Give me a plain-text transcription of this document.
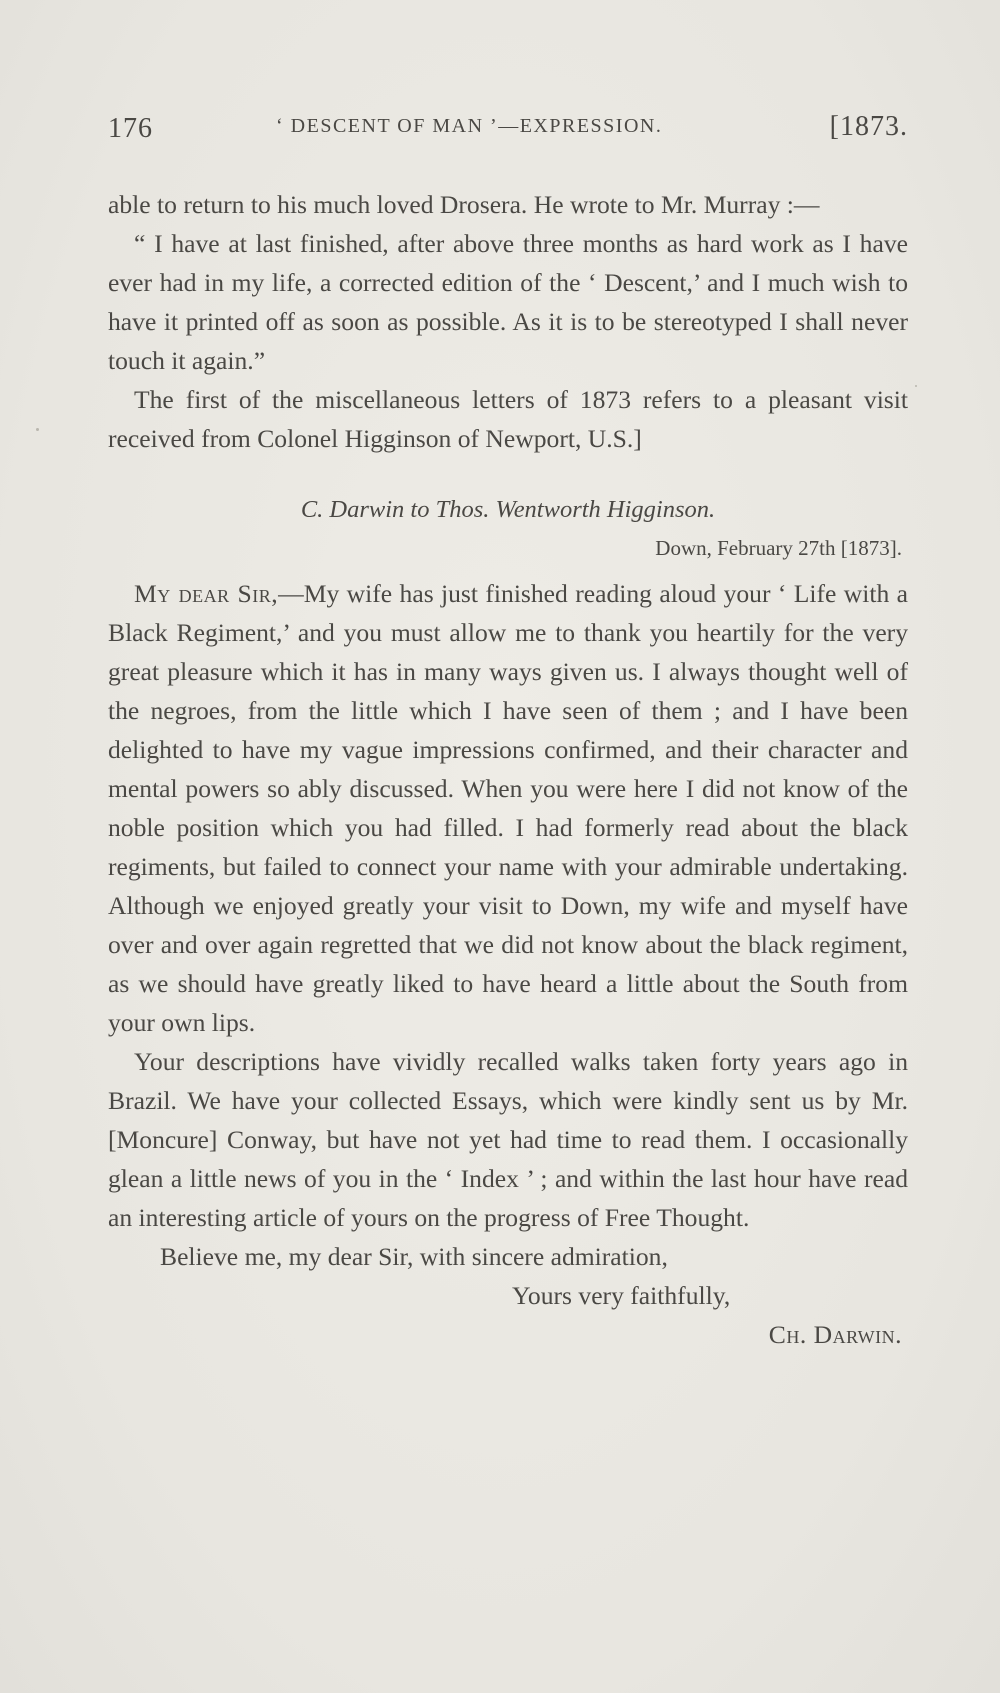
176	‘ DESCENT OF MAN ’—EXPRESSION.	[1873.

able to return to his much loved Drosera. He wrote to Mr. Murray :—

“ I have at last finished, after above three months as hard work as I have ever had in my life, a corrected edition of the ‘ Descent,’ and I much wish to have it printed off as soon as possible. As it is to be stereotyped I shall never touch it again.”

The first of the miscellaneous letters of 1873 refers to a pleasant visit received from Colonel Higginson of Newport, U.S.]

C. Darwin to Thos. Wentworth Higginson.
Down, February 27th [1873].

My dear Sir,—My wife has just finished reading aloud your ‘ Life with a Black Regiment,’ and you must allow me to thank you heartily for the very great pleasure which it has in many ways given us. I always thought well of the negroes, from the little which I have seen of them ; and I have been delighted to have my vague impressions confirmed, and their character and mental powers so ably discussed. When you were here I did not know of the noble position which you had filled. I had formerly read about the black regiments, but failed to connect your name with your admirable undertaking. Although we enjoyed greatly your visit to Down, my wife and myself have over and over again regretted that we did not know about the black regiment, as we should have greatly liked to have heard a little about the South from your own lips.

Your descriptions have vividly recalled walks taken forty years ago in Brazil. We have your collected Essays, which were kindly sent us by Mr. [Moncure] Conway, but have not yet had time to read them. I occasionally glean a little news of you in the ‘ Index ’ ; and within the last hour have read an interesting article of yours on the progress of Free Thought.

Believe me, my dear Sir, with sincere admiration,

Yours very faithfully,

Ch. Darwin.
